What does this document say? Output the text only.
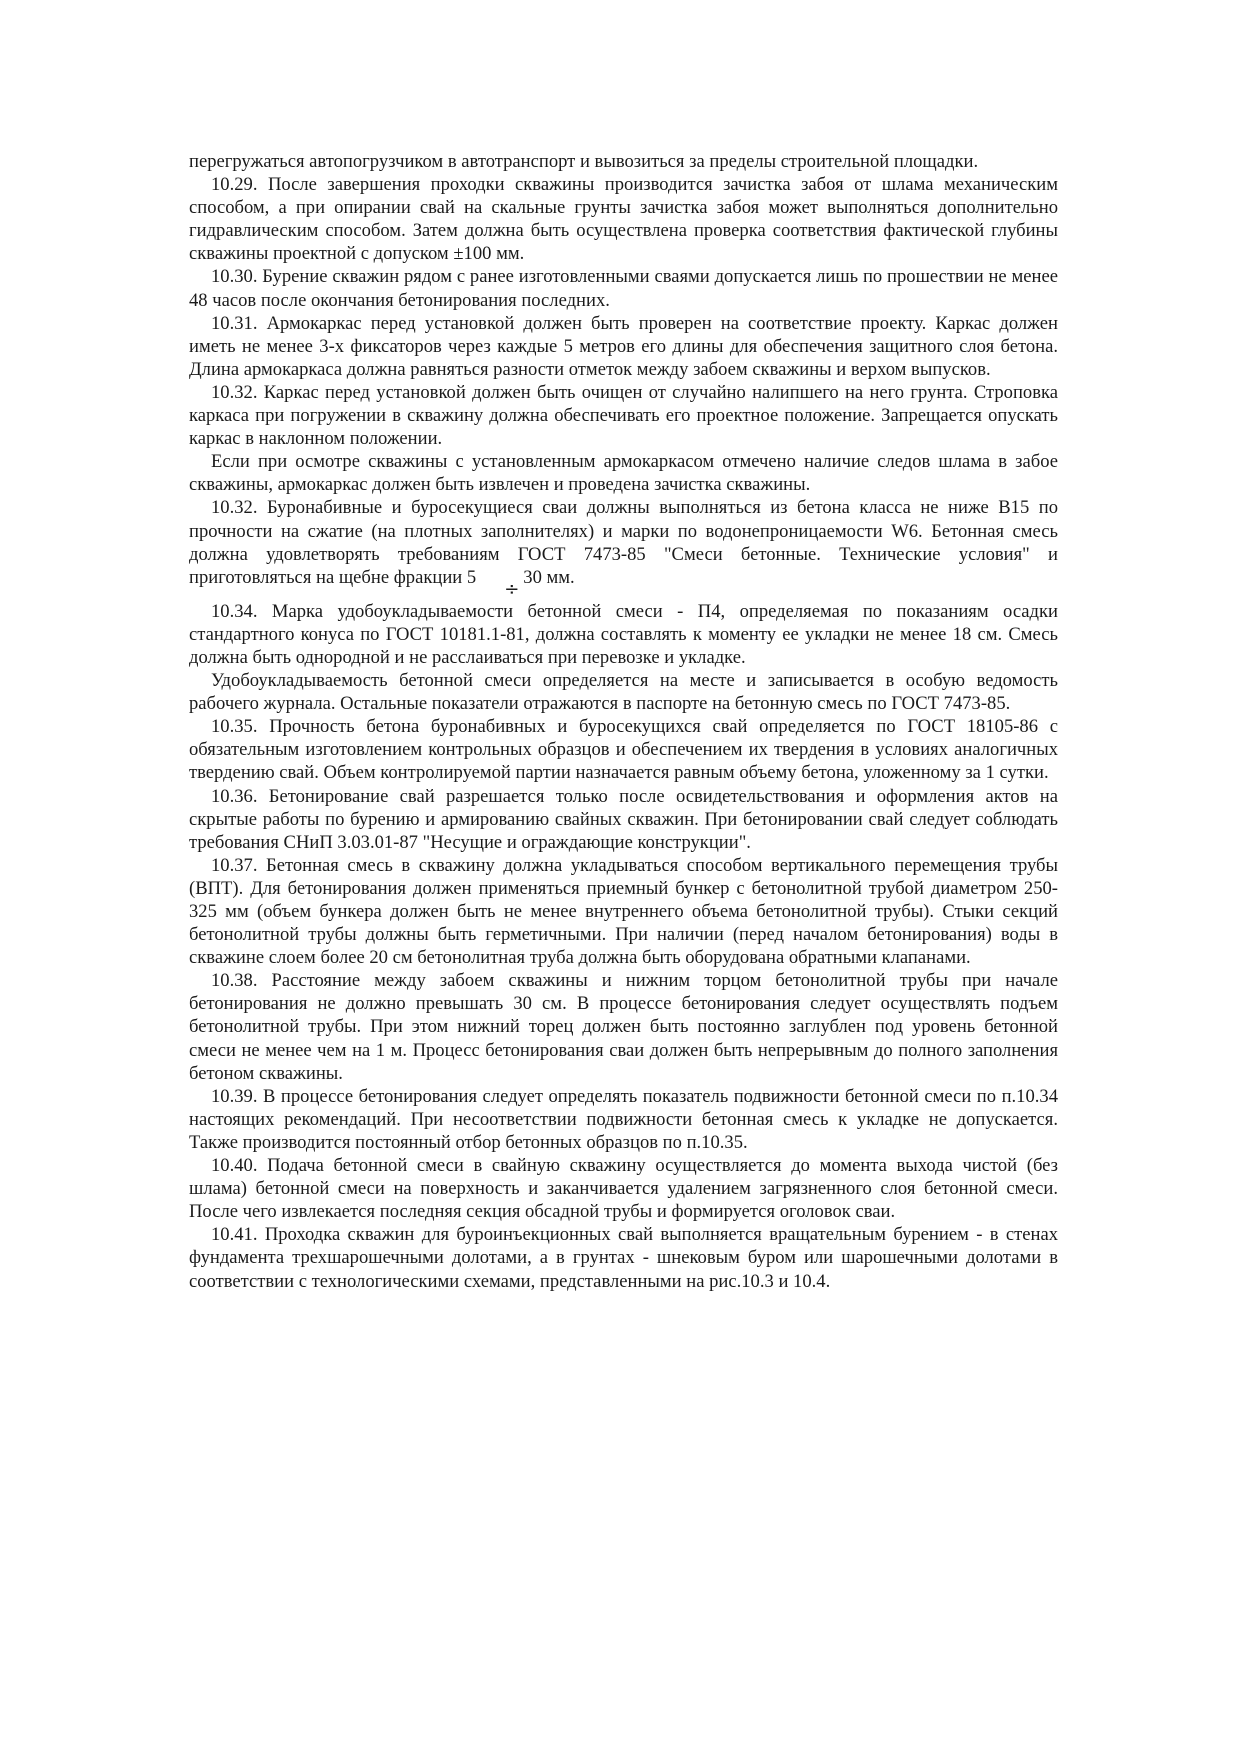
перегружаться автопогрузчиком в автотранспорт и вывозиться за пределы строительной площадки.

10.29. После завершения проходки скважины производится зачистка забоя от шлама механическим способом, а при опирании свай на скальные грунты зачистка забоя может выполняться дополнительно гидравлическим способом. Затем должна быть осуществлена проверка соответствия фактической глубины скважины проектной с допуском ±100 мм.

10.30. Бурение скважин рядом с ранее изготовленными сваями допускается лишь по прошествии не менее 48 часов после окончания бетонирования последних.

10.31. Армокаркас перед установкой должен быть проверен на соответствие проекту. Каркас должен иметь не менее 3-х фиксаторов через каждые 5 метров его длины для обеспечения защитного слоя бетона. Длина армокаркаса должна равняться разности отметок между забоем скважины и верхом выпусков.

10.32. Каркас перед установкой должен быть очищен от случайно налипшего на него грунта. Строповка каркаса при погружении в скважину должна обеспечивать его проектное положение. Запрещается опускать каркас в наклонном положении.

Если при осмотре скважины с установленным армокаркасом отмечено наличие следов шлама в забое скважины, армокаркас должен быть извлечен и проведена зачистка скважины.

10.32. Буронабивные и буросекущиеся сваи должны выполняться из бетона класса не ниже В15 по прочности на сжатие (на плотных заполнителях) и марки по водонепроницаемости W6. Бетонная смесь должна удовлетворять требованиям ГОСТ 7473-85 "Смеси бетонные. Технические условия" и приготовляться на щебне фракции 5÷30 мм.

10.34. Марка удобоукладываемости бетонной смеси - П4, определяемая по показаниям осадки стандартного конуса по ГОСТ 10181.1-81, должна составлять к моменту ее укладки не менее 18 см. Смесь должна быть однородной и не расслаиваться при перевозке и укладке.

Удобоукладываемость бетонной смеси определяется на месте и записывается в особую ведомость рабочего журнала. Остальные показатели отражаются в паспорте на бетонную смесь по ГОСТ 7473-85.

10.35. Прочность бетона буронабивных и буросекущихся свай определяется по ГОСТ 18105-86 с обязательным изготовлением контрольных образцов и обеспечением их твердения в условиях аналогичных твердению свай. Объем контролируемой партии назначается равным объему бетона, уложенному за 1 сутки.

10.36. Бетонирование свай разрешается только после освидетельствования и оформления актов на скрытые работы по бурению и армированию свайных скважин. При бетонировании свай следует соблюдать требования СНиП 3.03.01-87 "Несущие и ограждающие конструкции".

10.37. Бетонная смесь в скважину должна укладываться способом вертикального перемещения трубы (ВПТ). Для бетонирования должен применяться приемный бункер с бетонолитной трубой диаметром 250-325 мм (объем бункера должен быть не менее внутреннего объема бетонолитной трубы). Стыки секций бетонолитной трубы должны быть герметичными. При наличии (перед началом бетонирования) воды в скважине слоем более 20 см бетонолитная труба должна быть оборудована обратными клапанами.

10.38. Расстояние между забоем скважины и нижним торцом бетонолитной трубы при начале бетонирования не должно превышать 30 см. В процессе бетонирования следует осуществлять подъем бетонолитной трубы. При этом нижний торец должен быть постоянно заглублен под уровень бетонной смеси не менее чем на 1 м. Процесс бетонирования сваи должен быть непрерывным до полного заполнения бетоном скважины.

10.39. В процессе бетонирования следует определять показатель подвижности бетонной смеси по п.10.34 настоящих рекомендаций. При несоответствии подвижности бетонная смесь к укладке не допускается. Также производится постоянный отбор бетонных образцов по п.10.35.

10.40. Подача бетонной смеси в свайную скважину осуществляется до момента выхода чистой (без шлама) бетонной смеси на поверхность и заканчивается удалением загрязненного слоя бетонной смеси. После чего извлекается последняя секция обсадной трубы и формируется оголовок сваи.

10.41. Проходка скважин для буроинъекционных свай выполняется вращательным бурением - в стенах фундамента трехшарошечными долотами, а в грунтах - шнековым буром или шарошечными долотами в соответствии с технологическими схемами, представленными на рис.10.3 и 10.4.
